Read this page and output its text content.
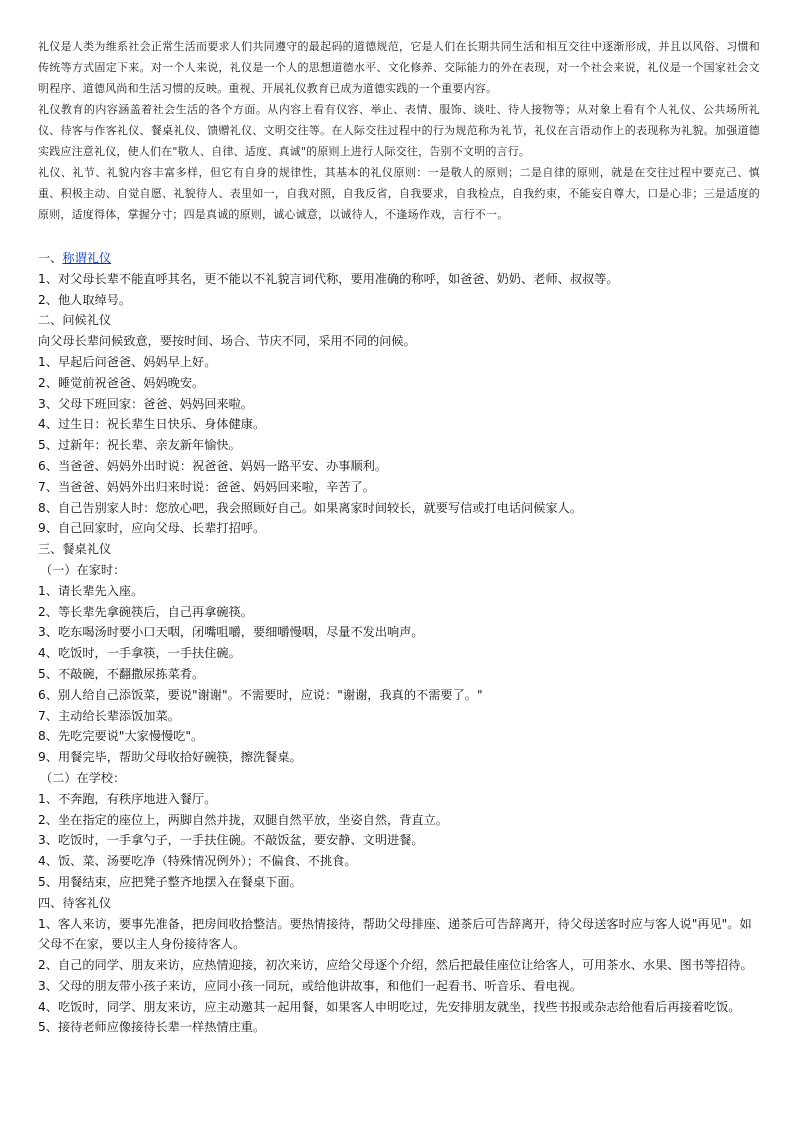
礼仪是人类为维系社会正常生活而要求人们共同遵守的最起码的道德规范，它是人们在长期共同生活和相互交往中逐渐形成，并且以风俗、习惯和传统等方式固定下来。对一个人来说，礼仪是一个人的思想道德水平、文化修养、交际能力的外在表现，对一个社会来说，礼仪是一个国家社会文明程序、道德风尚和生活习惯的反映。重视、开展礼仪教育已成为道德实践的一个重要内容。

礼仪教育的内容涵盖着社会生活的各个方面。从内容上看有仪容、举止、表情、服饰、谈吐、待人接物等；从对象上看有个人礼仪、公共场所礼仪、待客与作客礼仪、餐桌礼仪、馈赠礼仪、文明交往等。在人际交往过程中的行为规范称为礼节，礼仪在言语动作上的表现称为礼貌。加强道德实践应注意礼仪，使人们在"敬人、自律、适度、真诚"的原则上进行人际交往，告别不文明的言行。

礼仪、礼节、礼貌内容丰富多样，但它有自身的规律性，其基本的礼仪原则：一是敬人的原则；二是自律的原则，就是在交往过程中要克己、慎重、积极主动、自觉自愿、礼貌待人、表里如一，自我对照，自我反省，自我要求，自我检点，自我约束，不能妄自尊大，口是心非；三是适度的原则，适度得体，掌握分寸；四是真诚的原则，诚心诚意，以诚待人，不逢场作戏，言行不一。

一、称谓礼仪
1、对父母长辈不能直呼其名，更不能以不礼貌言词代称，要用准确的称呼，如爸爸、奶奶、老师、叔叔等。
2、他人取绰号。
二、问候礼仪
向父母长辈问候致意，要按时间、场合、节庆不同，采用不同的问候。
1、早起后问爸爸、妈妈早上好。
2、睡觉前祝爸爸、妈妈晚安。
3、父母下班回家：爸爸、妈妈回来啦。
4、过生日：祝长辈生日快乐、身体健康。
5、过新年：祝长辈、亲友新年愉快。
6、当爸爸、妈妈外出时说：祝爸爸、妈妈一路平安、办事顺利。
7、当爸爸、妈妈外出归来时说：爸爸、妈妈回来啦，辛苦了。
8、自己告别家人时：您放心吧，我会照顾好自己。如果离家时间较长，就要写信或打电话问候家人。
9、自己回家时，应向父母、长辈打招呼。
三、餐桌礼仪
（一）在家时：
1、请长辈先入座。
2、等长辈先拿碗筷后，自己再拿碗筷。
3、吃东喝汤时要小口天咽，闭嘴咀嚼，要细嚼慢咽，尽量不发出响声。
4、吃饭时，一手拿筷，一手扶住碗。
5、不敲碗，不翻撒尿拣菜肴。
6、别人给自己添饭菜，要说"谢谢"。不需要时，应说："谢谢，我真的不需要了。"
7、主动给长辈添饭加菜。
8、先吃完要说"大家慢慢吃"。
9、用餐完毕，帮助父母收拾好碗筷，擦洗餐桌。
（二）在学校：
1、不奔跑，有秩序地进入餐厅。
2、坐在指定的座位上，两脚自然并拢，双腿自然平放，坐姿自然，背直立。
3、吃饭时，一手拿勺子，一手扶住碗。不敲饭盆，要安静、文明进餐。
4、饭、菜、汤要吃净（特殊情况例外）；不偏食、不挑食。
5、用餐结束，应把凳子整齐地摆入在餐桌下面。
四、待客礼仪
1、客人来访，要事先准备，把房间收拾整洁。要热情接待，帮助父母排座、递茶后可告辞离开，待父母送客时应与客人说"再见"。如父母不在家，要以主人身份接待客人。
2、自己的同学、朋友来访，应热情迎接，初次来访，应给父母逐个介绍，然后把最佳座位让给客人，可用茶水、水果、图书等招待。
3、父母的朋友带小孩子来访，应同小孩一同玩，或给他讲故事，和他们一起看书、听音乐、看电视。
4、吃饭时，同学、朋友来访，应主动邀其一起用餐，如果客人申明吃过，先安排朋友就坐，找些书报或杂志给他看后再接着吃饭。
5、接待老师应像接待长辈一样热情庄重。
